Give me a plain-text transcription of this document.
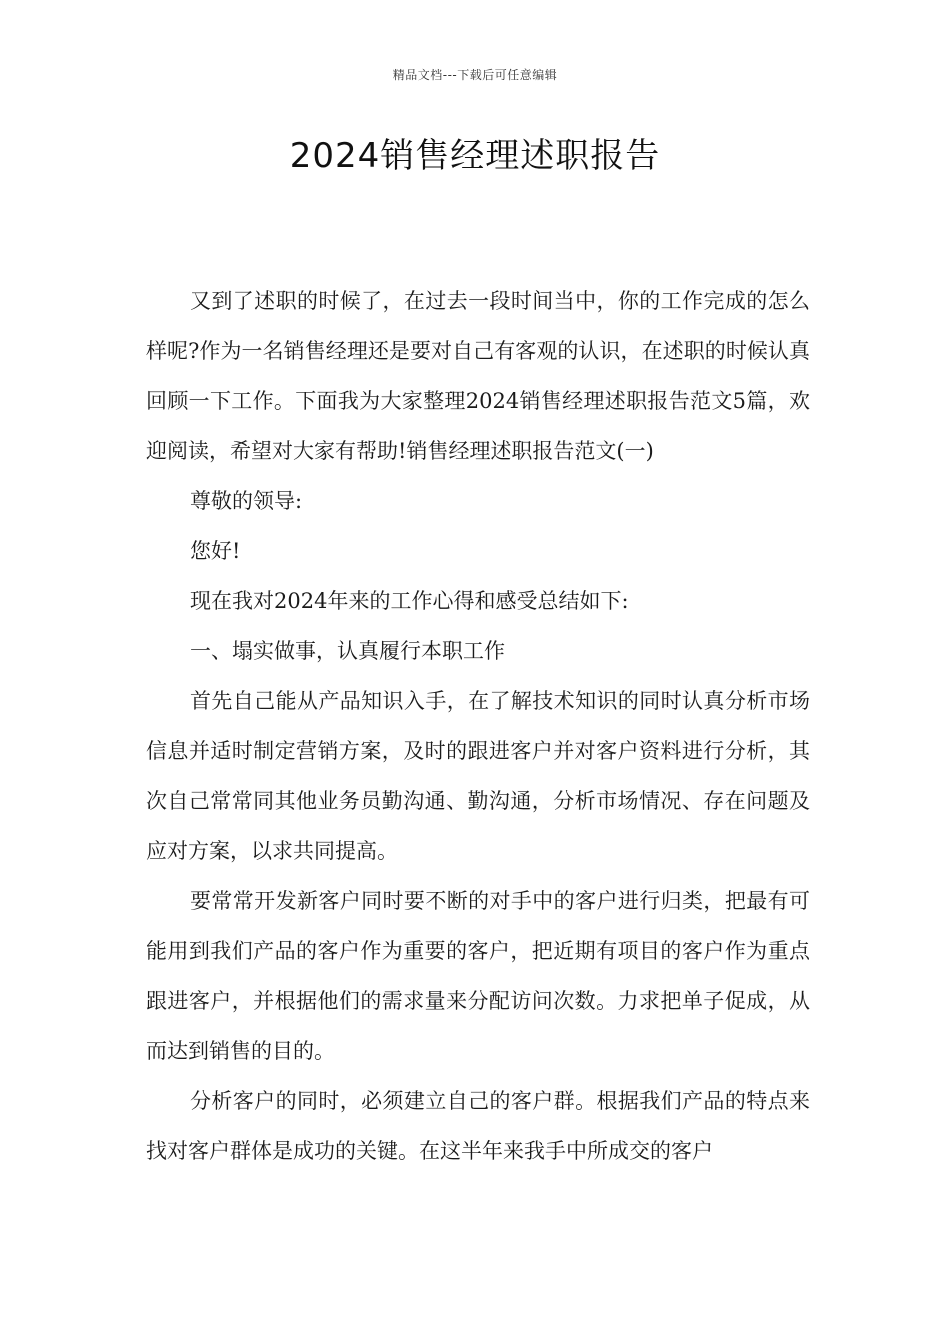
精品文档---下载后可任意编辑
2024销售经理述职报告

又到了述职的时候了，在过去一段时间当中，你的工作完成的怎么样呢?作为一名销售经理还是要对自己有客观的认识，在述职的时候认真回顾一下工作。下面我为大家整理2024销售经理述职报告范文5篇，欢迎阅读，希望对大家有帮助!销售经理述职报告范文(一)

尊敬的领导:

您好!

现在我对2024年来的工作心得和感受总结如下:

一、塌实做事，认真履行本职工作

首先自己能从产品知识入手，在了解技术知识的同时认真分析市场信息并适时制定营销方案，及时的跟进客户并对客户资料进行分析，其次自己常常同其他业务员勤沟通、勤沟通，分析市场情况、存在问题及应对方案，以求共同提高。

要常常开发新客户同时要不断的对手中的客户进行归类，把最有可能用到我们产品的客户作为重要的客户，把近期有项目的客户作为重点跟进客户，并根据他们的需求量来分配访问次数。力求把单子促成，从而达到销售的目的。

分析客户的同时，必须建立自己的客户群。根据我们产品的特点来找对客户群体是成功的关键。在这半年来我手中所成交的客户
